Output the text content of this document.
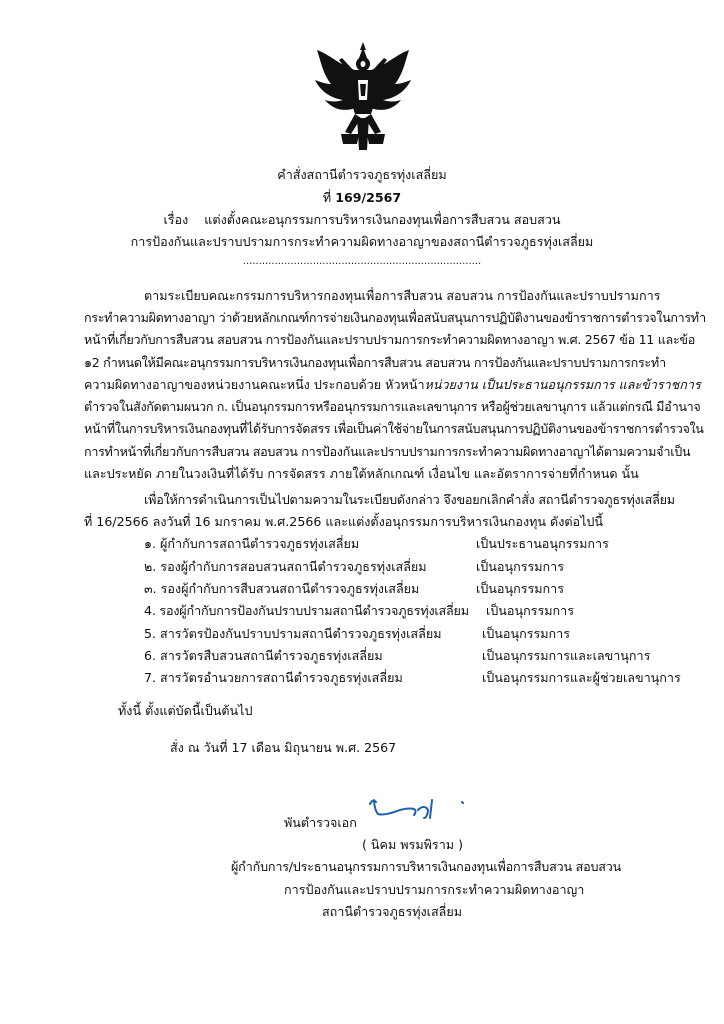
คำสั่งสถานีตำรวจภูธรทุ่งเสลี่ยม
ที่ 169/2567
เรื่อง แต่งตั้งคณะอนุกรรมการบริหารเงินกองทุนเพื่อการสืบสวน สอบสวน
การป้องกันและปราบปรามการกระทำความผิดทางอาญาของสถานีตำรวจภูธรทุ่งเสลี่ยม
...........................................................................
ตามระเบียบคณะกรรมการบริหารกองทุนเพื่อการสืบสวน สอบสวน การป้องกันและปราบปรามการ
กระทำความผิดทางอาญา ว่าด้วยหลักเกณฑ์การจ่ายเงินกองทุนเพื่อสนับสนุนการปฏิบัติงานของข้าราชการตำรวจในการทำ
หน้าที่เกี่ยวกับการสืบสวน สอบสวน การป้องกันและปราบปรามการกระทำความผิดทางอาญา พ.ศ. 2567 ข้อ 11 และข้อ
๑2 กำหนดให้มีคณะอนุกรรมการบริหารเงินกองทุนเพื่อการสืบสวน สอบสวน การป้องกันและปราบปรามการกระทำ
ความผิดทางอาญาของหน่วยงานคณะหนึ่ง ประกอบด้วย หัวหน้าหน่วยงาน เป็นประธานอนุกรรมการ และข้าราชการ
ตำรวจในสังกัดตามผนวก ก. เป็นอนุกรรมการหรืออนุกรรมการและเลขานุการ หรือผู้ช่วยเลขานุการ แล้วแต่กรณี มีอำนาจ
หน้าที่ในการบริหารเงินกองทุนที่ได้รับการจัดสรร เพื่อเป็นค่าใช้จ่ายในการสนับสนุนการปฏิบัติงานของข้าราชการตำรวจใน
การทำหน้าที่เกี่ยวกับการสืบสวน สอบสวน การป้องกันและปราบปรามการกระทำความผิดทางอาญาได้ตามความจำเป็น
และประหยัด ภายในวงเงินที่ได้รับ การจัดสรร ภายใต้หลักเกณฑ์ เงื่อนไข และอัตราการจ่ายที่กำหนด นั้น
เพื่อให้การดำเนินการเป็นไปตามความในระเบียบดังกล่าว จึงขอยกเลิกคำสั่ง สถานีตำรวจภูธรทุ่งเสลี่ยม
ที่ 16/2566 ลงวันที่ 16 มกราคม พ.ศ.2566 และแต่งตั้งอนุกรรมการบริหารเงินกองทุน ดังต่อไปนี้
๑. ผู้กำกับการสถานีตำรวจภูธรทุ่งเสลี่ยม	เป็นประธานอนุกรรมการ
๒. รองผู้กำกับการสอบสวนสถานีตำรวจภูธรทุ่งเสลี่ยม	เป็นอนุกรรมการ
๓. รองผู้กำกับการสืบสวนสถานีตำรวจภูธรทุ่งเสลี่ยม	เป็นอนุกรรมการ
4. รองผู้กำกับการป้องกันปราบปรามสถานีตำรวจภูธรทุ่งเสลี่ยม เป็นอนุกรรมการ
5. สารวัตรป้องกันปราบปรามสถานีตำรวจภูธรทุ่งเสลี่ยม	เป็นอนุกรรมการ
6. สารวัตรสืบสวนสถานีตำรวจภูธรทุ่งเสลี่ยม	เป็นอนุกรรมการและเลขานุการ
7. สารวัตรอำนวยการสถานีตำรวจภูธรทุ่งเสลี่ยม	เป็นอนุกรรมการและผู้ช่วยเลขานุการ
ทั้งนี้ ตั้งแต่บัดนี้เป็นต้นไป
สั่ง ณ วันที่ 17 เดือน มิถุนายน พ.ศ. 2567
พันตำรวจเอก
( นิคม พรมพิราม )
ผู้กำกับการ/ประธานอนุกรรมการบริหารเงินกองทุนเพื่อการสืบสวน สอบสวน
การป้องกันและปราบปรามการกระทำความผิดทางอาญา
สถานีตำรวจภูธรทุ่งเสลี่ยม
